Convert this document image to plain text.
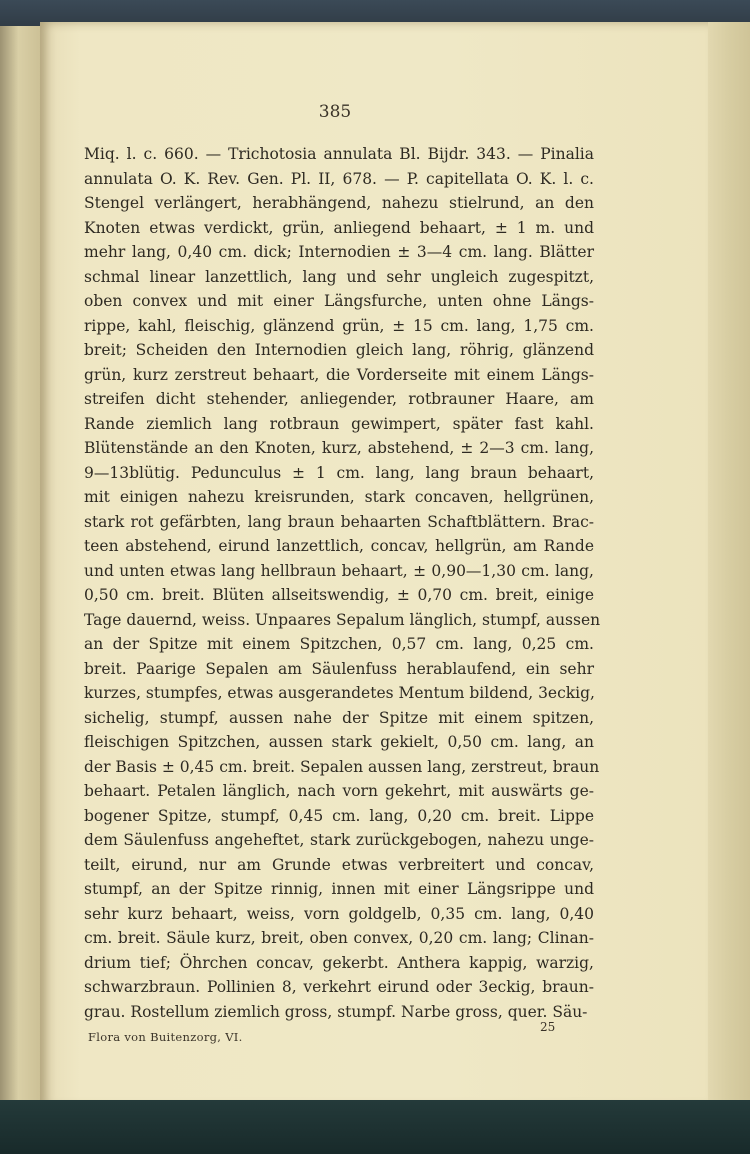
385
Miq. l. c. 660. — Trichotosia annulata Bl. Bijdr. 343. — Pinalia
annulata O. K. Rev. Gen. Pl. II, 678. — P. capitellata O. K. l. c.
Stengel verlängert, herabhängend, nahezu stielrund, an den
Knoten etwas verdickt, grün, anliegend behaart, ± 1 m. und
mehr lang, 0,40 cm. dick; Internodien ± 3—4 cm. lang. Blätter
schmal linear lanzettlich, lang und sehr ungleich zugespitzt,
oben convex und mit einer Längsfurche, unten ohne Längs-
rippe, kahl, fleischig, glänzend grün, ± 15 cm. lang, 1,75 cm.
breit; Scheiden den Internodien gleich lang, röhrig, glänzend
grün, kurz zerstreut behaart, die Vorderseite mit einem Längs-
streifen dicht stehender, anliegender, rotbrauner Haare, am
Rande ziemlich lang rotbraun gewimpert, später fast kahl.
Blütenstände an den Knoten, kurz, abstehend, ± 2—3 cm. lang,
9—13blütig. Pedunculus ± 1 cm. lang, lang braun behaart,
mit einigen nahezu kreisrunden, stark concaven, hellgrünen,
stark rot gefärbten, lang braun behaarten Schaftblättern. Brac-
teen abstehend, eirund lanzettlich, concav, hellgrün, am Rande
und unten etwas lang hellbraun behaart, ± 0,90—1,30 cm. lang,
0,50 cm. breit. Blüten allseitswendig, ± 0,70 cm. breit, einige
Tage dauernd, weiss. Unpaares Sepalum länglich, stumpf, aussen
an der Spitze mit einem Spitzchen, 0,57 cm. lang, 0,25 cm.
breit. Paarige Sepalen am Säulenfuss herablaufend, ein sehr
kurzes, stumpfes, etwas ausgerandetes Mentum bildend, 3eckig,
sichelig, stumpf, aussen nahe der Spitze mit einem spitzen,
fleischigen Spitzchen, aussen stark gekielt, 0,50 cm. lang, an
der Basis ± 0,45 cm. breit. Sepalen aussen lang, zerstreut, braun
behaart. Petalen länglich, nach vorn gekehrt, mit auswärts ge-
bogener Spitze, stumpf, 0,45 cm. lang, 0,20 cm. breit. Lippe
dem Säulenfuss angeheftet, stark zurückgebogen, nahezu unge-
teilt, eirund, nur am Grunde etwas verbreitert und concav,
stumpf, an der Spitze rinnig, innen mit einer Längsrippe und
sehr kurz behaart, weiss, vorn goldgelb, 0,35 cm. lang, 0,40
cm. breit. Säule kurz, breit, oben convex, 0,20 cm. lang; Clinan-
drium tief; Öhrchen concav, gekerbt. Anthera kappig, warzig,
schwarzbraun. Pollinien 8, verkehrt eirund oder 3eckig, braun-
grau. Rostellum ziemlich gross, stumpf. Narbe gross, quer. Säu-
Flora von Buitenzorg, VI.
25
